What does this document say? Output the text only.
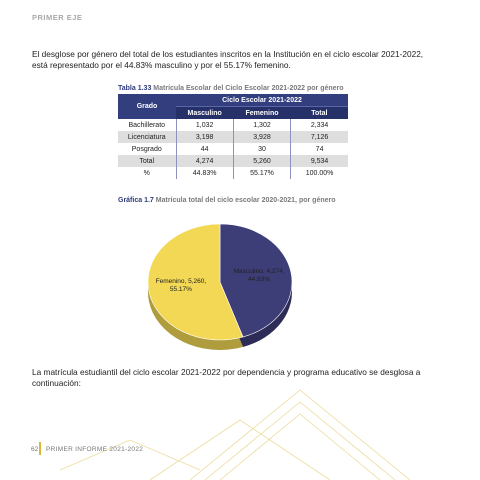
PRIMER EJE

El desglose por género del total de los estudiantes inscritos en la Institución en el ciclo escolar 2021-2022, está representado por el 44.83% masculino y por el 55.17% femenino.

Tabla 1.33 Matrícula Escolar del Ciclo Escolar 2021-2022 por género
Grado	Ciclo Escolar 2021-2022		
	Masculino	Femenino	Total
Bachillerato	1,032	1,302	2,334
Licenciatura	3,198	3,928	7,126
Posgrado	44	30	74
Total	4,274	5,260	9,534
%	44.83%	55.17%	100.00%
Gráfica 1.7 Matrícula total del ciclo escolar 2020-2021, por género
Masculino, 4,274,
44.83%
Femenino, 5,260,
55.17%

La matrícula estudiantil del ciclo escolar 2021-2022 por dependencia y programa educativo se desglosa a continuación:

62 PRIMER INFORME 2021-2022
